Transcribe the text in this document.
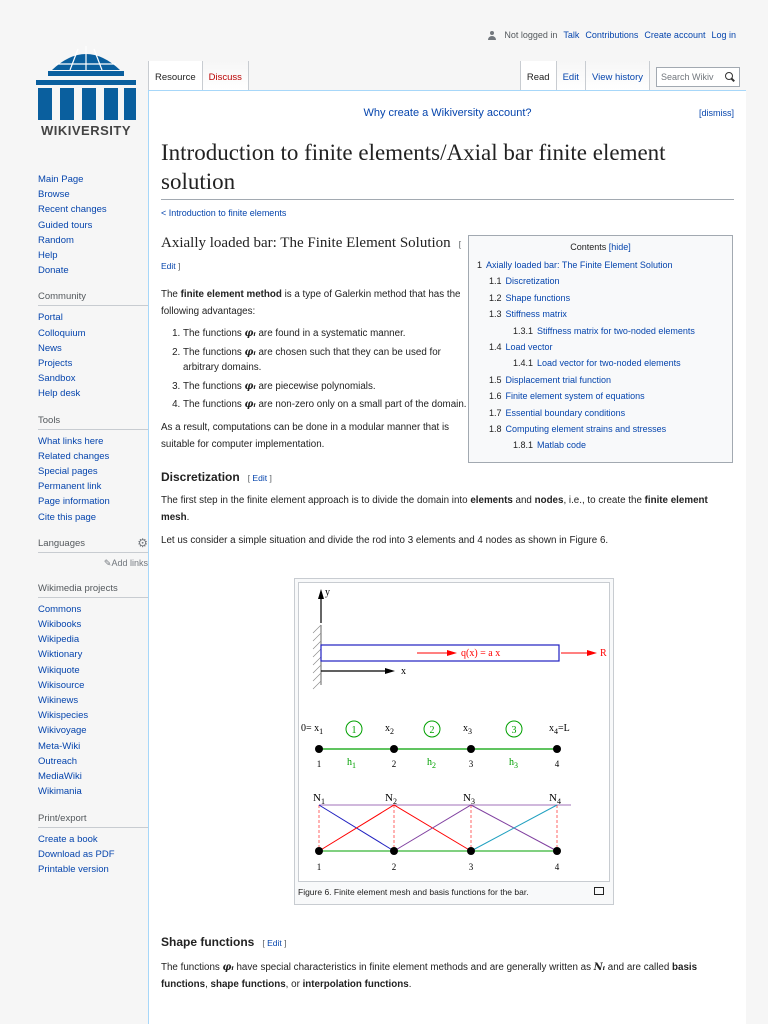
Not logged in Talk Contributions Create account Log in
WIKIVERSITY
Main Page
Browse
Recent changes
Guided tours
Random
Help
Donate
Community
Portal
Colloquium
News
Projects
Sandbox
Help desk
Tools
What links here
Related changes
Special pages
Permanent link
Page information
Cite this page
Languages	⚙
✎Add links
Wikimedia projects
Commons
Wikibooks
Wikipedia
Wiktionary
Wikiquote
Wikisource
Wikinews
Wikispecies
Wikivoyage
Meta-Wiki
Outreach
MediaWiki
Wikimania
Print/export
Create a book
Download as PDF
Printable version
Resource	Discuss	Read	Edit	View history	Search Wikiv
Why create a Wikiversity account?	[dismiss]
Introduction to finite elements/Axial bar finite element solution
< Introduction to finite elements
Contents [hide]
1 Axially loaded bar: The Finite Element Solution
1.1 Discretization
1.2 Shape functions
1.3 Stiffness matrix
1.3.1 Stiffness matrix for two-noded elements
1.4 Load vector
1.4.1 Load vector for two-noded elements
1.5 Displacement trial function
1.6 Finite element system of equations
1.7 Essential boundary conditions
1.8 Computing element strains and stresses
1.8.1 Matlab code
Axially loaded bar: The Finite Element Solution [ Edit ]

The finite element method is a type of Galerkin method that has the following advantages:

1. The functions φᵢ are found in a systematic manner.
2. The functions φᵢ are chosen such that they can be used for arbitrary domains.
3. The functions φᵢ are piecewise polynomials.
4. The functions φᵢ are non-zero only on a small part of the domain.

As a result, computations can be done in a modular manner that is suitable for computer implementation.

Discretization [ Edit ]

The first step in the finite element approach is to divide the domain into elements and nodes, i.e., to create the finite element mesh.

Let us consider a simple situation and divide the rod into 3 elements and 4 nodes as shown in Figure 6.

y
x
q(x) = a x	R
$0= x_1$	$x_2$	$x_3$	$x_4=L$
1	2	3
$h_1$	$h_2$	$h_3$
1	2	3	4
$N_1$	$N_2$	$N_3$	$N_4$
1	2	3	4
Figure 6. Finite element mesh and basis functions for the bar.
Shape functions [ Edit ]

The functions φᵢ have special characteristics in finite element methods and are generally written as Nᵢ and are called basis functions, shape functions, or interpolation functions.
